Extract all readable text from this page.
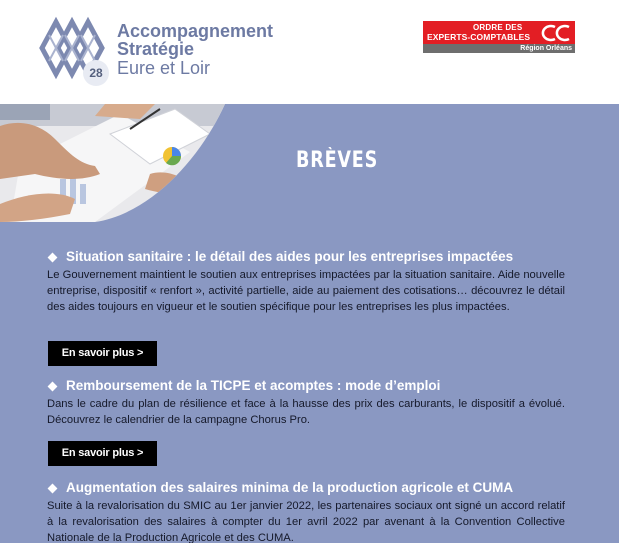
28
Accompagnement
Stratégie
Eure et Loir
ORDRE DES
EXPERTS-COMPTABLES
Région Orléans
BRÈVES
Situation sanitaire : le détail des aides pour les entreprises impactées
Le Gouvernement maintient le soutien aux entreprises impactées par la situation sanitaire. Aide nouvelle entreprise, dispositif « renfort », activité partielle, aide au paiement des cotisations… découvrez le détail des aides toujours en vigueur et le soutien spécifique pour les entreprises les plus impactées.
En savoir plus >
Remboursement de la TICPE et acomptes : mode d’emploi
Dans le cadre du plan de résilience et face à la hausse des prix des carburants, le dispositif a évolué. Découvrez le calendrier de la campagne Chorus Pro.
En savoir plus >
Augmentation des salaires minima de la production agricole et CUMA
Suite à la revalorisation du SMIC au 1er janvier 2022, les partenaires sociaux ont signé un accord relatif à la revalorisation des salaires à compter du 1er avril 2022 par avenant à la Convention Collective Nationale de la Production Agricole et des CUMA.
